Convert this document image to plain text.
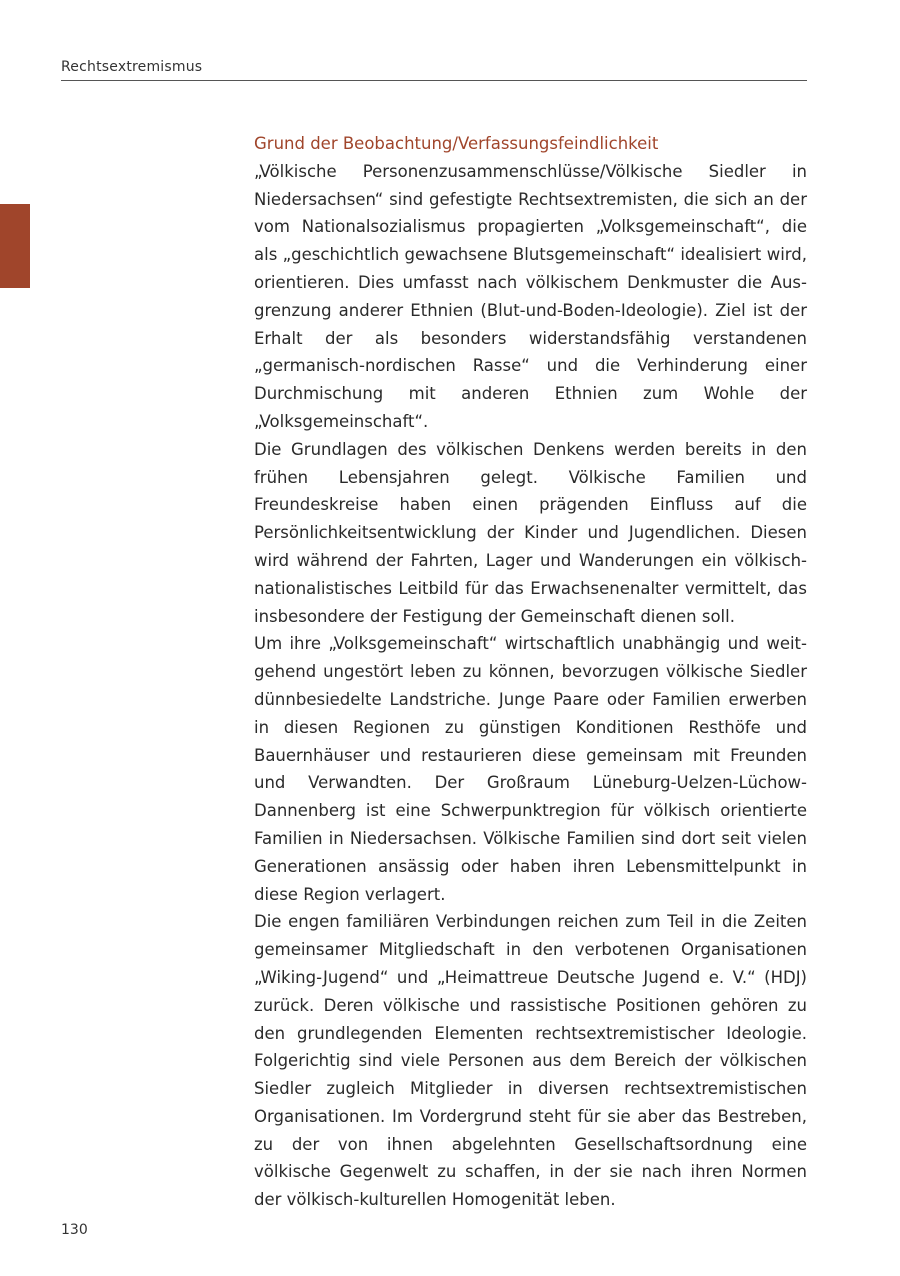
Rechtsextremismus
Grund der Beobachtung/Verfassungsfeindlichkeit

„Völkische Personenzusammenschlüsse/Völkische Siedler in Niedersachsen“ sind gefestigte Rechtsextremisten, die sich an der vom Nationalsozialismus propagierten „Volksgemeinschaft“, die als „geschichtlich gewachsene Blutsgemeinschaft“ idealisiert wird, orientieren. Dies umfasst nach völkischem Denkmuster die Ausgrenzung anderer Ethnien (Blut-und-Boden-Ideologie). Ziel ist der Erhalt der als besonders widerstandsfähig verstandenen „germanisch-nordischen Rasse“ und die Verhinderung einer Durchmischung mit anderen Ethnien zum Wohle der „Volksgemeinschaft“.

Die Grundlagen des völkischen Denkens werden bereits in den frühen Lebensjahren gelegt. Völkische Familien und Freundeskreise haben einen prägenden Einfluss auf die Persönlichkeitsentwicklung der Kinder und Jugendlichen. Diesen wird während der Fahrten, Lager und Wanderungen ein völkisch-nationalistisches Leitbild für das Erwachsenenalter vermittelt, das insbesondere der Festigung der Gemeinschaft dienen soll.

Um ihre „Volksgemeinschaft“ wirtschaftlich unabhängig und weitgehend ungestört leben zu können, bevorzugen völkische Siedler dünnbesiedelte Landstriche. Junge Paare oder Familien erwerben in diesen Regionen zu günstigen Konditionen Resthöfe und Bauernhäuser und restaurieren diese gemeinsam mit Freunden und Verwandten. Der Großraum Lüneburg-Uelzen-Lüchow-Dannenberg ist eine Schwerpunktregion für völkisch orientierte Familien in Niedersachsen. Völkische Familien sind dort seit vielen Generationen ansässig oder haben ihren Lebensmittelpunkt in diese Region verlagert.

Die engen familiären Verbindungen reichen zum Teil in die Zeiten gemeinsamer Mitgliedschaft in den verbotenen Organisationen „Wiking-Jugend“ und „Heimattreue Deutsche Jugend e. V.“ (HDJ) zurück. Deren völkische und rassistische Positionen gehören zu den grundlegenden Elementen rechtsextremistischer Ideologie. Folgerichtig sind viele Personen aus dem Bereich der völkischen Siedler zugleich Mitglieder in diversen rechtsextremistischen Organisationen. Im Vordergrund steht für sie aber das Bestreben, zu der von ihnen abgelehnten Gesellschaftsordnung eine völkische Gegenwelt zu schaffen, in der sie nach ihren Normen der völkisch-kulturellen Homogenität leben.

130
